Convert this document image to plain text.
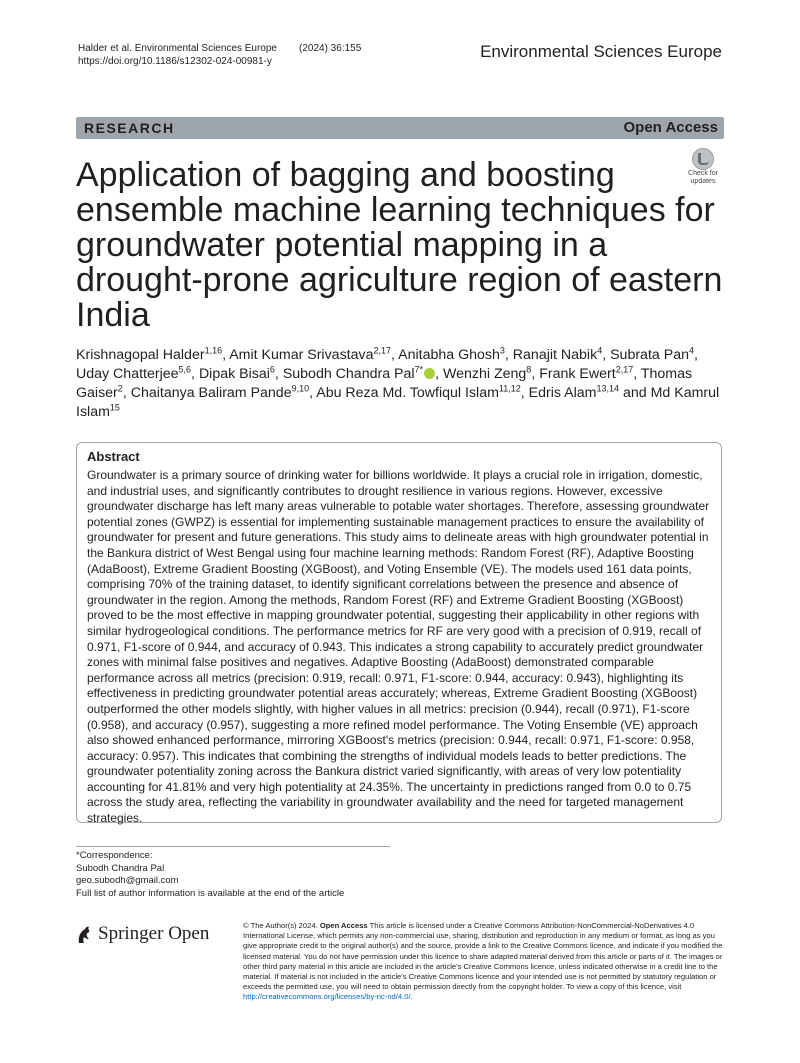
Halder et al. Environmental Sciences Europe (2024) 36:155
https://doi.org/10.1186/s12302-024-00981-y
Environmental Sciences Europe
RESEARCH	Open Access
Check for
updates
Application of bagging and boosting ensemble machine learning techniques for groundwater potential mapping in a drought-prone agriculture region of eastern India
Krishnagopal Halder$^{1,16}$, Amit Kumar Srivastava$^{2,17}$, Anitabha Ghosh$^3$, Ranajit Nabik$^4$, Subrata Pan$^4$, Uday Chatterjee$^{5,6}$, Dipak Bisai$^6$, Subodh Chandra Pal$^{7*}$ , Wenzhi Zeng$^8$, Frank Ewert$^{2,17}$, Thomas Gaiser$^2$, Chaitanya Baliram Pande$^{9,10}$, Abu Reza Md. Towfiqul Islam$^{11,12}$, Edris Alam$^{13,14}$ and Md Kamrul Islam$^{15}$
Abstract

Groundwater is a primary source of drinking water for billions worldwide. It plays a crucial role in irrigation, domestic, and industrial uses, and significantly contributes to drought resilience in various regions. However, excessive groundwater discharge has left many areas vulnerable to potable water shortages. Therefore, assessing groundwater potential zones (GWPZ) is essential for implementing sustainable management practices to ensure the availability of groundwater for present and future generations. This study aims to delineate areas with high groundwater potential in the Bankura district of West Bengal using four machine learning methods: Random Forest (RF), Adaptive Boosting (AdaBoost), Extreme Gradient Boosting (XGBoost), and Voting Ensemble (VE). The models used 161 data points, comprising 70% of the training dataset, to identify significant correlations between the presence and absence of groundwater in the region. Among the methods, Random Forest (RF) and Extreme Gradient Boosting (XGBoost) proved to be the most effective in mapping groundwater potential, suggesting their applicability in other regions with similar hydrogeological conditions. The performance metrics for RF are very good with a precision of 0.919, recall of 0.971, F1-score of 0.944, and accuracy of 0.943. This indicates a strong capability to accurately predict groundwater zones with minimal false positives and negatives. Adaptive Boosting (AdaBoost) demonstrated comparable performance across all metrics (precision: 0.919, recall: 0.971, F1-score: 0.944, accuracy: 0.943), highlighting its effectiveness in predicting groundwater potential areas accurately; whereas, Extreme Gradient Boosting (XGBoost) outperformed the other models slightly, with higher values in all metrics: precision (0.944), recall (0.971), F1-score (0.958), and accuracy (0.957), suggesting a more refined model performance. The Voting Ensemble (VE) approach also showed enhanced performance, mirroring XGBoost's metrics (precision: 0.944, recall: 0.971, F1-score: 0.958, accuracy: 0.957). This indicates that combining the strengths of individual models leads to better predictions. The groundwater potentiality zoning across the Bankura district varied significantly, with areas of very low potentiality accounting for 41.81% and very high potentiality at 24.35%. The uncertainty in predictions ranged from 0.0 to 0.75 across the study area, reflecting the variability in groundwater availability and the need for targeted management strategies.

*Correspondence:
Subodh Chandra Pal
geo.subodh@gmail.com
Full list of author information is available at the end of the article
Springer Open	© The Author(s) 2024. Open Access This article is licensed under a Creative Commons Attribution-NonCommercial-NoDerivatives 4.0 International License, which permits any non-commercial use, sharing, distribution and reproduction in any medium or format, as long as you give appropriate credit to the original author(s) and the source, provide a link to the Creative Commons licence, and indicate if you modified the licensed material. You do not have permission under this licence to share adapted material derived from this article or parts of it. The images or other third party material in this article are included in the article's Creative Commons licence, unless indicated otherwise in a credit line to the material. If material is not included in the article's Creative Commons licence and your intended use is not permitted by statutory regulation or exceeds the permitted use, you will need to obtain permission directly from the copyright holder. To view a copy of this licence, visit http://creativecommons.org/licenses/by-nc-nd/4.0/.
